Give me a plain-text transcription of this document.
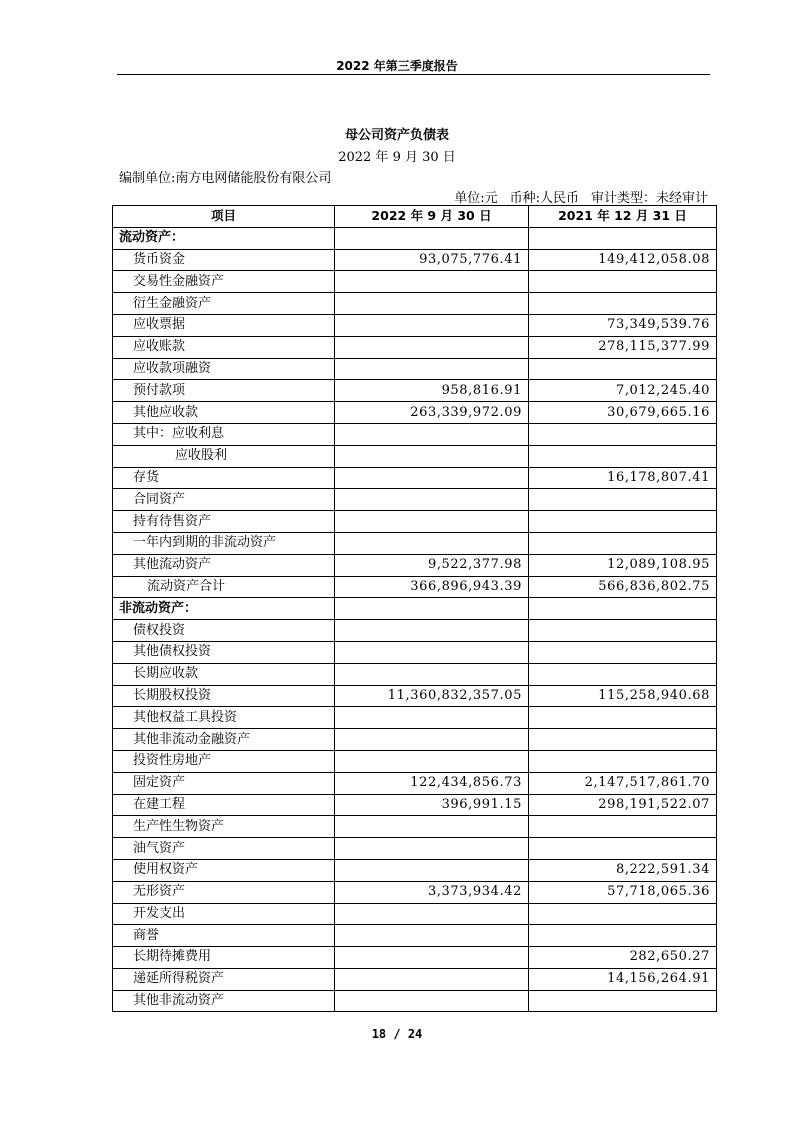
2022 年第三季度报告
母公司资产负债表
2022 年 9 月 30 日
编制单位:南方电网储能股份有限公司
单位:元 币种:人民币 审计类型：未经审计
项目	2022 年 9 月 30 日	2021 年 12 月 31 日
流动资产：		
货币资金	93,075,776.41	149,412,058.08
交易性金融资产		
衍生金融资产		
应收票据		73,349,539.76
应收账款		278,115,377.99
应收款项融资		
预付款项	958,816.91	7,012,245.40
其他应收款	263,339,972.09	30,679,665.16
其中：应收利息		
应收股利		
存货		16,178,807.41
合同资产		
持有待售资产		
一年内到期的非流动资产		
其他流动资产	9,522,377.98	12,089,108.95
流动资产合计	366,896,943.39	566,836,802.75
非流动资产：		
债权投资		
其他债权投资		
长期应收款		
长期股权投资	11,360,832,357.05	115,258,940.68
其他权益工具投资		
其他非流动金融资产		
投资性房地产		
固定资产	122,434,856.73	2,147,517,861.70
在建工程	396,991.15	298,191,522.07
生产性生物资产		
油气资产		
使用权资产		8,222,591.34
无形资产	3,373,934.42	57,718,065.36
开发支出		
商誉		
长期待摊费用		282,650.27
递延所得税资产		14,156,264.91
其他非流动资产		
18 / 24
